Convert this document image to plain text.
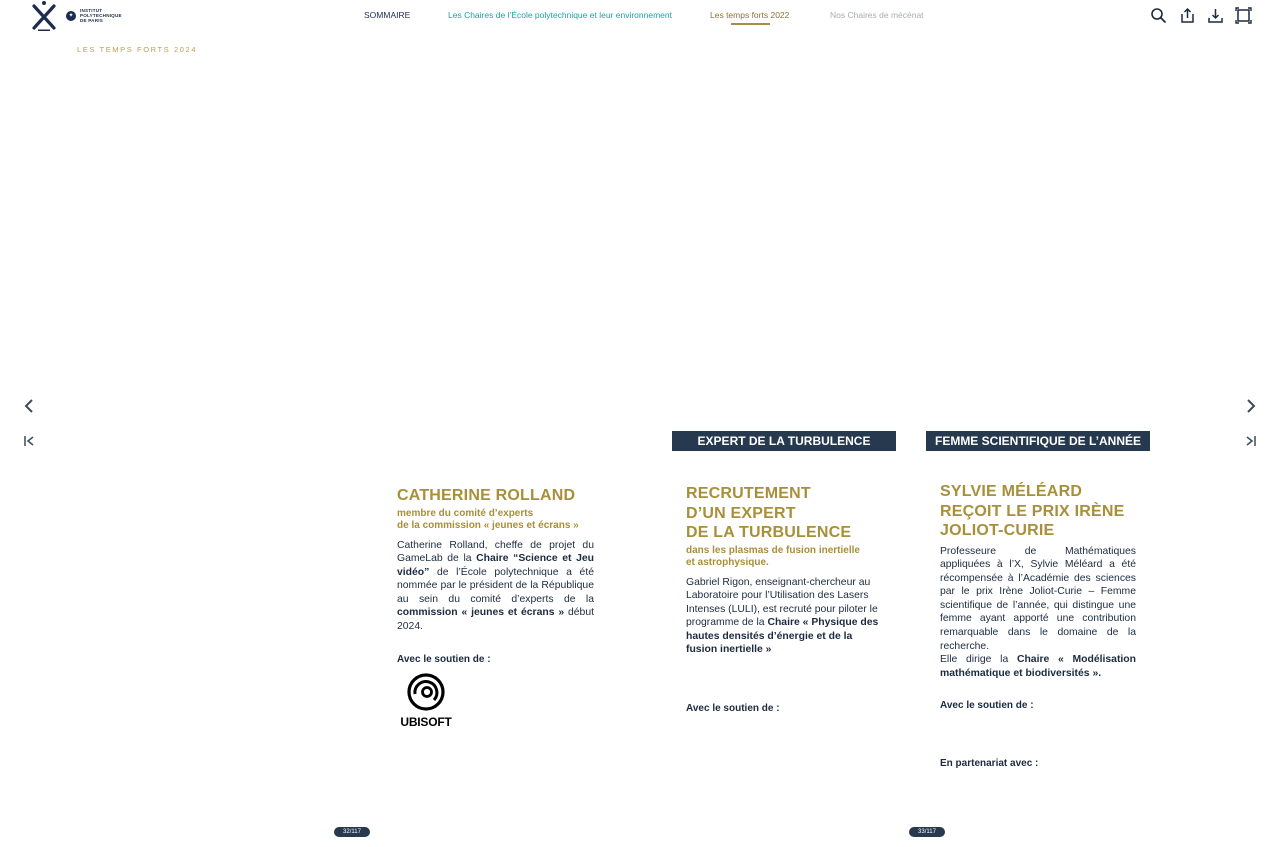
✦
INSTITUT
POLYTECHNIQUE
DE PARIS
SOMMAIRE	Les Chaires de l’École polytechnique et leur environnement	Les temps forts 2022	Nos Chaires de mécénat
LES TEMPS FORTS 2024
CATHERINE ROLLAND
membre du comité d’experts
de la commission « jeunes et écrans »
Catherine Rolland, cheffe de projet du GameLab de la Chaire “Science et Jeu vidéo” de l’École polytechnique a été nommée par le président de la République au sein du comité d’experts de la commission « jeunes et écrans » début 2024.
Avec le soutien de :
UBISOFT
EXPERT DE LA TURBULENCE
RECRUTEMENT
D’UN EXPERT
DE LA TURBULENCE
dans les plasmas de fusion inertielle
et astrophysique.
Gabriel Rigon, enseignant-chercheur au Laboratoire pour l’Utilisation des Lasers Intenses (LULI), est recruté pour piloter le programme de la Chaire « Physique des hautes densités d’énergie et de la fusion inertielle »
Avec le soutien de :
FEMME SCIENTIFIQUE DE L’ANNÉE
SYLVIE MÉLÉARD
REÇOIT LE PRIX IRÈNE
JOLIOT-CURIE
Professeure de Mathématiques appliquées à l’X, Sylvie Méléard a été récompensée à l’Académie des sciences par le prix Irène Joliot-Curie – Femme scientifique de l’année, qui distingue une femme ayant apporté une contribution remarquable dans le domaine de la recherche.
Elle dirige la Chaire « Modélisation mathématique et biodiversités ».
Avec le soutien de :
En partenariat avec :
32/117	33/117
